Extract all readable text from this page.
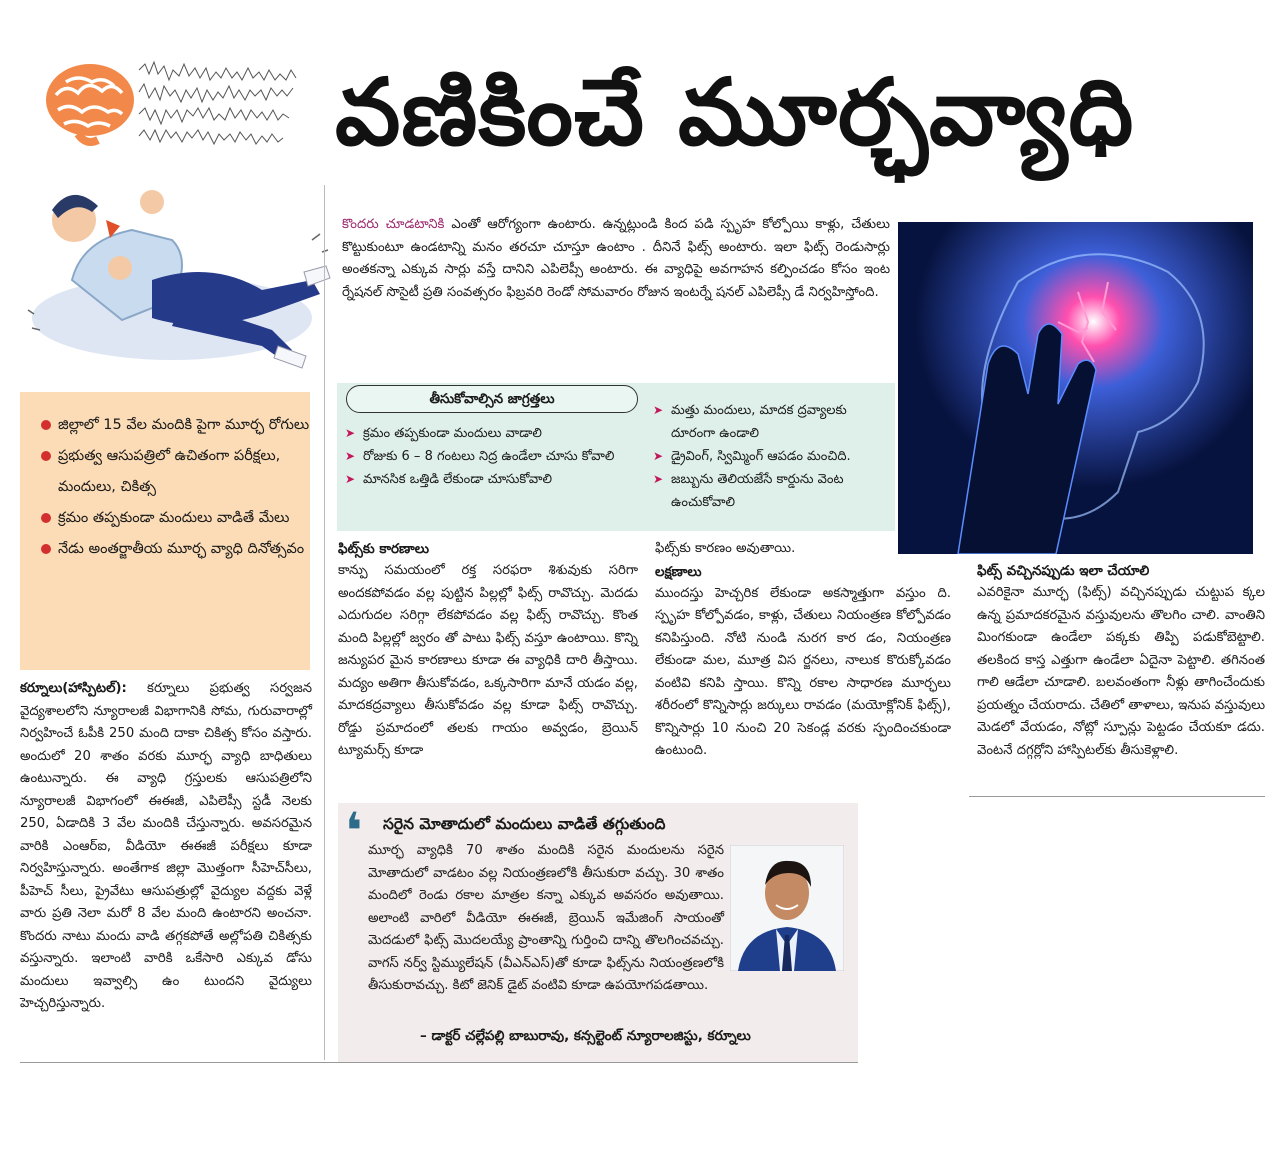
వణికించే మూర్ఛవ్యాధి
కొందరు చూడటానికి ఎంతో ఆరోగ్యంగా ఉంటారు. ఉన్నట్లుండి కింద పడి స్పృహ కోల్పోయి కాళ్లు, చేతులు కొట్టుకుంటూ ఉండటాన్ని మనం తరచూ చూస్తూ ఉంటాం . దీనినే ఫిట్స్ అంటారు. ఇలా ఫిట్స్ రెండుసార్లు అంతకన్నా ఎక్కువ సార్లు వస్తే దానిని ఎపిలెప్సీ అంటారు. ఈ వ్యాధిపై అవగాహన కల్పించడం కోసం ఇంట ర్నేషనల్ సొసైటీ ప్రతి సంవత్సరం ఫిబ్రవరి రెండో సోమవారం రోజున ఇంటర్నే షనల్ ఎపిలెప్సీ డే నిర్వహిస్తోంది.
తీసుకోవాల్సిన జాగ్రత్తలు
➤ క్రమం తప్పకుండా మందులు వాడాలి
➤ రోజుకు 6 – 8 గంటలు నిద్ర ఉండేలా చూసు కోవాలి
➤ మానసిక ఒత్తిడి లేకుండా చూసుకోవాలి
➤ మత్తు మందులు, మాదక ద్రవ్యాలకు దూరంగా ఉండాలి
➤ డ్రైవింగ్, స్విమ్మింగ్ ఆపడం మంచిది.
➤ జబ్బును తెలియజేసే కార్డును వెంట ఉంచుకోవాలి
జిల్లాలో 15 వేల మందికి పైగా మూర్ఛ రోగులు
ప్రభుత్వ ఆసుపత్రిలో ఉచితంగా పరీక్షలు, మందులు, చికిత్స
క్రమం తప్పకుండా మందులు వాడితే మేలు
నేడు అంతర్జాతీయ మూర్ఛ వ్యాధి దినోత్సవం
కర్నూలు(హాస్పిటల్): కర్నూలు ప్రభుత్వ సర్వజన వైద్యశాలలోని న్యూరాలజీ విభాగానికి సోమ, గురువారాల్లో నిర్వహించే ఓపీకి 250 మంది దాకా చికిత్స కోసం వస్తారు. అందులో 20 శాతం వరకు మూర్ఛ వ్యాధి బాధితులు ఉంటున్నారు. ఈ వ్యాధి గ్రస్తులకు ఆసుపత్రిలోని న్యూరాలజీ విభాగంలో ఈఈజీ, ఎపిలెప్సీ స్టడీ నెలకు 250, ఏడాదికి 3 వేల మందికి చేస్తున్నారు. అవసరమైన వారికి ఎంఆర్ఐ, వీడియో ఈఈజీ పరీక్షలు కూడా నిర్వహిస్తున్నారు. అంతేగాక జిల్లా మొత్తంగా సీహెచ్‌సీలు, పీహెచ్ సీలు, ప్రైవేటు ఆసుపత్రుల్లో వైద్యుల వద్దకు వెళ్లే వారు ప్రతి నెలా మరో 8 వేల మంది ఉంటారని అంచనా. కొందరు నాటు మందు వాడి తగ్గకపోతే అల్లోపతి చికిత్సకు వస్తున్నారు. ఇలాంటి వారికి ఒకేసారి ఎక్కువ డోసు మందులు ఇవ్వాల్సి ఉం టుందని వైద్యులు హెచ్చరిస్తున్నారు.
ఫిట్స్‌కు కారణాలు
కాన్పు సమయంలో రక్త సరఫరా శిశువుకు సరిగా అందకపోవడం వల్ల పుట్టిన పిల్లల్లో ఫిట్స్ రావొచ్చు. మెదడు ఎదుగుదల సరిగ్గా లేకపోవడం వల్ల ఫిట్స్ రావొచ్చు. కొంత మంది పిల్లల్లో జ్వరం తో పాటు ఫిట్స్ వస్తూ ఉంటాయి. కొన్ని జన్యుపర మైన కారణాలు కూడా ఈ వ్యాధికి దారి తీస్తాయి. మద్యం అతిగా తీసుకోవడం, ఒక్కసారిగా మానే యడం వల్ల, మాదకద్రవ్యాలు తీసుకోవడం వల్ల కూడా ఫిట్స్ రావొచ్చు. రోడ్డు ప్రమాదంలో తలకు గాయం అవ్వడం, బ్రెయిన్ ట్యూమర్స్ కూడా
ఫిట్స్‌కు కారణం అవుతాయి.
లక్షణాలు
ముందస్తు హెచ్చరిక లేకుండా అకస్మాత్తుగా వస్తుం ది. స్పృహ కోల్పోవడం, కాళ్లు, చేతులు నియంత్రణ కోల్పోవడం కనిపిస్తుంది. నోటి నుండి నురగ కార డం, నియంత్రణ లేకుండా మల, మూత్ర విస ర్జనలు, నాలుక కొరుక్కోవడం వంటివి కనిపి స్తాయి. కొన్ని రకాల సాధారణ మూర్ఛలు శరీరంలో కొన్నిసార్లు జర్కులు రావడం (మయోక్లోనిక్ ఫిట్స్), కొన్నిసార్లు 10 నుంచి 20 సెకండ్ల వరకు స్పందించకుండా ఉంటుంది.
ఫిట్స్ వచ్చినప్పుడు ఇలా చేయాలి
ఎవరికైనా మూర్ఛ (ఫిట్స్) వచ్చినప్పుడు చుట్టుప క్కల ఉన్న ప్రమాదకరమైన వస్తువులను తొలగిం చాలి. వాంతిని మింగకుండా ఉండేలా పక్కకు తిప్పి పడుకోబెట్టాలి. తలకింద కాస్త ఎత్తుగా ఉండేలా ఏదైనా పెట్టాలి. తగినంత గాలి ఆడేలా చూడాలి. బలవంతంగా నీళ్లు తాగించేందుకు ప్రయత్నం చేయరాదు. చేతిలో తాళాలు, ఇనుప వస్తువులు మెడలో వేయడం, నోట్లో స్పూన్లు పెట్టడం చేయకూ డదు. వెంటనే దగ్గర్లోని హాస్పిటల్‌కు తీసుకెళ్లాలి.
❛	సరైన మోతాదులో మందులు వాడితే తగ్గుతుంది
మూర్ఛ వ్యాధికి 70 శాతం మందికి సరైన మందులను సరైన మోతాదులో వాడటం వల్ల నియంత్రణలోకి తీసుకురా వచ్చు. 30 శాతం మందిలో రెండు రకాల మాత్రల కన్నా ఎక్కువ అవసరం అవుతాయి. అలాంటి వారిలో వీడియో ఈఈజీ, బ్రెయిన్ ఇమేజింగ్ సాయంతో మెదడులో ఫిట్స్ మొదలయ్యే ప్రాంతాన్ని గుర్తించి దాన్ని తొలగించవచ్చు. వాగస్ నర్వ్ స్టిమ్యులేషన్ (వీఎన్ఎస్)తో కూడా ఫిట్స్‌ను నియంత్రణలోకి తీసుకురావచ్చు. కిటో జెనిక్ డైట్ వంటివి కూడా ఉపయోగపడతాయి.
– డాక్టర్ చల్లేపల్లి బాబురావు, కన్సల్టెంట్ న్యూరాలజిస్టు, కర్నూలు
